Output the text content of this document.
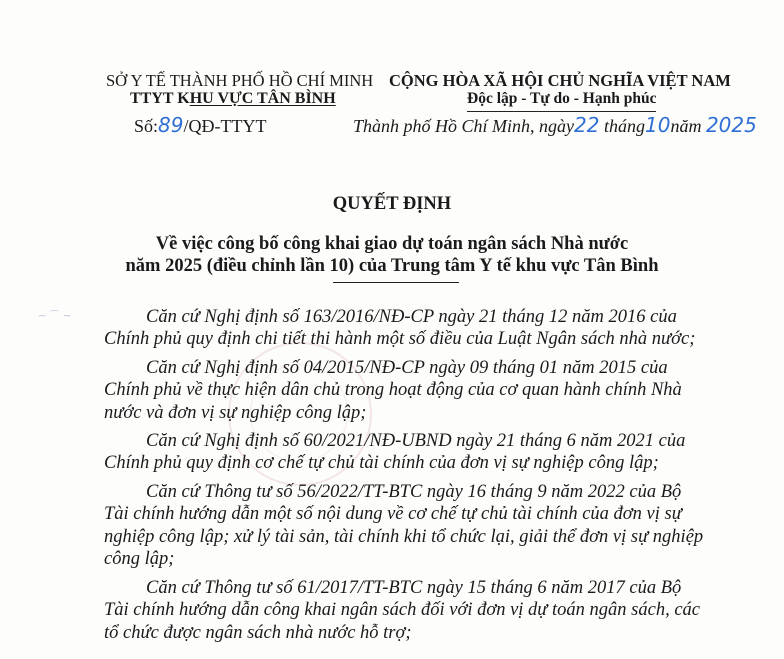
~ ⌒ ~
SỞ Y TẾ THÀNH PHỐ HỒ CHÍ MINH
TTYT KHU VỰC TÂN BÌNH
Số:89/QĐ-TTYT
CỘNG HÒA XÃ HỘI CHỦ NGHĨA VIỆT NAM
Độc lập - Tự do - Hạnh phúc
Thành phố Hồ Chí Minh, ngày22 tháng10năm 2025
QUYẾT ĐỊNH
Về việc công bố công khai giao dự toán ngân sách Nhà nước
năm 2025 (điều chỉnh lần 10) của Trung tâm Y tế khu vực Tân Bình
Căn cứ Nghị định số 163/2016/NĐ-CP ngày 21 tháng 12 năm 2016 của
Chính phủ quy định chi tiết thi hành một số điều của Luật Ngân sách nhà nước;
Căn cứ Nghị định số 04/2015/NĐ-CP ngày 09 tháng 01 năm 2015 của
Chính phủ về thực hiện dân chủ trong hoạt động của cơ quan hành chính Nhà nước và đơn vị sự nghiệp công lập;
Căn cứ Nghị định số 60/2021/NĐ-UBND ngày 21 tháng 6 năm 2021 của
Chính phủ quy định cơ chế tự chủ tài chính của đơn vị sự nghiệp công lập;
Căn cứ Thông tư số 56/2022/TT-BTC ngày 16 tháng 9 năm 2022 của Bộ
Tài chính hướng dẫn một số nội dung về cơ chế tự chủ tài chính của đơn vị sự nghiệp công lập; xử lý tài sản, tài chính khi tổ chức lại, giải thể đơn vị sự nghiệp công lập;
Căn cứ Thông tư số 61/2017/TT-BTC ngày 15 tháng 6 năm 2017 của Bộ
Tài chính hướng dẫn công khai ngân sách đối với đơn vị dự toán ngân sách, các tổ chức được ngân sách nhà nước hỗ trợ;
